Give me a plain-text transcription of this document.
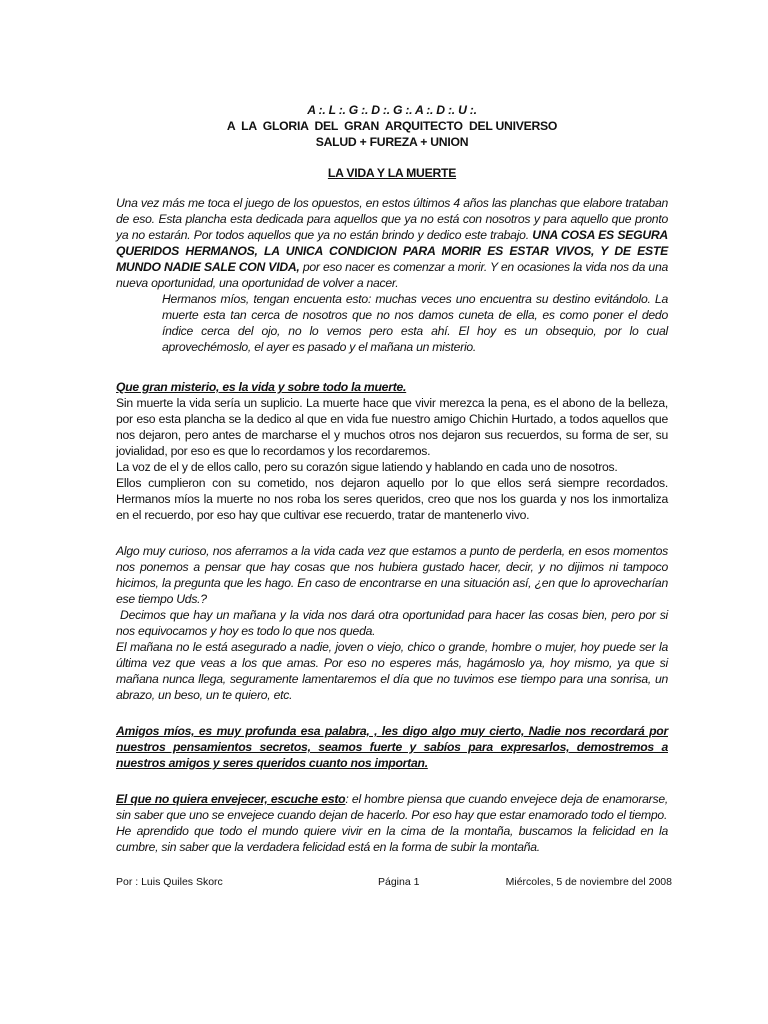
A :. L :. G :. D :. G :. A :. D :. U :.
A  LA  GLORIA  DEL  GRAN  ARQUITECTO  DEL UNIVERSO
SALUD + FUREZA + UNION
LA VIDA Y LA MUERTE

Una vez más me toca el juego de los opuestos, en estos últimos 4 años las planchas que elabore trataban de eso. Esta plancha esta dedicada para aquellos que ya no está con nosotros y para aquello que pronto ya no estarán. Por todos aquellos que ya no están brindo y dedico este trabajo. UNA COSA ES SEGURA QUERIDOS HERMANOS, LA UNICA CONDICION PARA MORIR ES ESTAR VIVOS, Y DE ESTE MUNDO NADIE SALE CON VIDA, por eso nacer es comenzar a morir. Y en ocasiones la vida nos da una nueva oportunidad, una oportunidad de volver a nacer.

Hermanos míos, tengan encuenta esto: muchas veces uno encuentra su destino evitándolo. La muerte esta tan cerca de nosotros que no nos damos cuneta de ella, es como poner el dedo índice cerca del ojo, no lo vemos pero esta ahí. El hoy es un obsequio, por lo cual aprovechémoslo, el ayer es pasado y el mañana un misterio.

Que gran misterio, es la vida y sobre todo la muerte.

Sin muerte la vida sería un suplicio. La muerte hace que vivir merezca la pena, es el abono de la belleza, por eso esta plancha se la dedico al que en vida fue nuestro amigo Chichin Hurtado, a todos aquellos que nos dejaron, pero antes de marcharse el y muchos otros nos dejaron sus recuerdos, su forma de ser, su jovialidad, por eso es que lo recordamos y los recordaremos.

La voz de el y de ellos callo, pero su corazón sigue latiendo y hablando en cada uno de nosotros.

Ellos cumplieron con su cometido, nos dejaron aquello por lo que ellos será siempre recordados. Hermanos míos la muerte no nos roba los seres queridos, creo que nos los guarda y nos los inmortaliza en el recuerdo, por eso hay que cultivar ese recuerdo, tratar de mantenerlo vivo.

Algo muy curioso, nos aferramos a la vida cada vez que estamos a punto de perderla, en esos momentos nos ponemos a pensar que hay cosas que nos hubiera gustado hacer, decir, y no dijimos ni tampoco hicimos, la pregunta que les hago. En caso de encontrarse en una situación así, ¿en que lo aprovecharían ese tiempo Uds.?

Decimos que hay un mañana y la vida nos dará otra oportunidad para hacer las cosas bien, pero por si nos equivocamos y hoy es todo lo que nos queda.

El mañana no le está asegurado a nadie, joven o viejo, chico o grande, hombre o mujer, hoy puede ser la última vez que veas a los que amas. Por eso no esperes más, hagámoslo ya, hoy mismo, ya que si mañana nunca llega, seguramente lamentaremos el día que no tuvimos ese tiempo para una sonrisa, un abrazo, un beso, un te quiero, etc.

Amigos míos, es muy profunda esa palabra, , les digo algo muy cierto, Nadie nos recordará por nuestros pensamientos secretos, seamos fuerte y sabíos para expresarlos, demostremos a nuestros amigos y seres queridos cuanto nos importan.

El que no quiera envejecer, escuche esto: el hombre piensa que cuando envejece deja de enamorarse, sin saber que uno se envejece cuando dejan de hacerlo. Por eso hay que estar enamorado todo el tiempo.

He aprendido que todo el mundo quiere vivir en la cima de la montaña, buscamos la felicidad en la cumbre, sin saber que la verdadera felicidad está en la forma de subir la montaña.

Por : Luis Quiles Skorc	Página 1	Miércoles, 5 de noviembre del 2008
